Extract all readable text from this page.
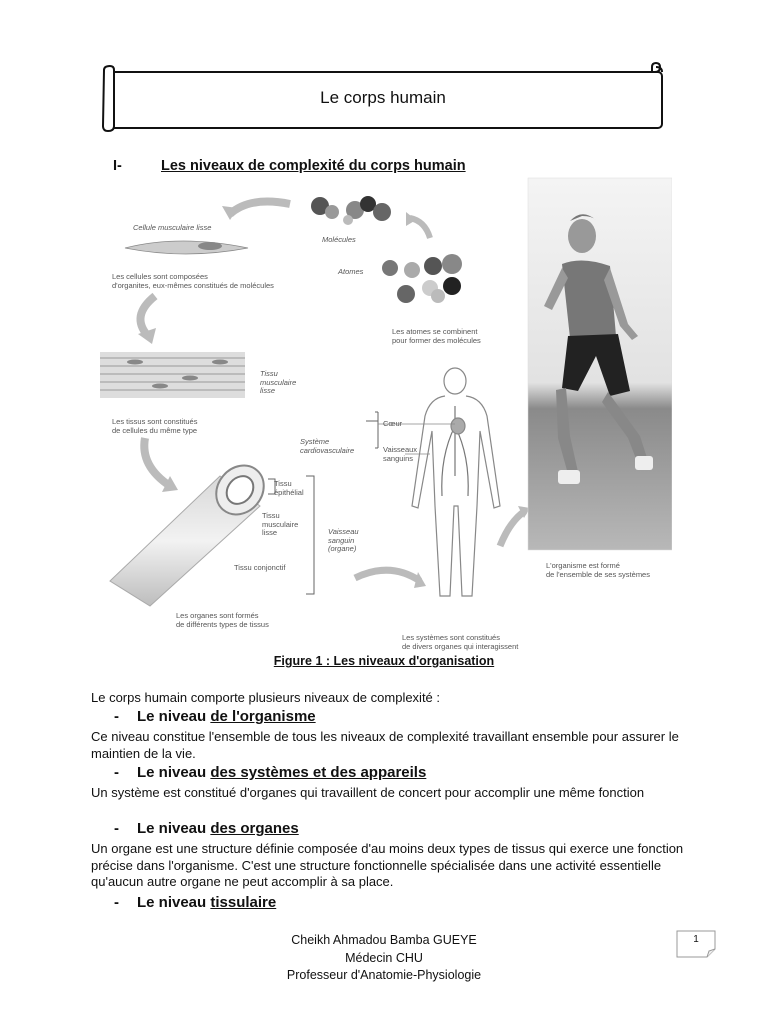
Le corps humain
I-	Les niveaux de complexité du corps humain
Cellule musculaire lisse
Molécules
Atomes
Les cellules sont composées
d'organites, eux-mêmes constitués de molécules
Les atomes se combinent
pour former des molécules
Tissu
musculaire
lisse
Les tissus sont constitués
de cellules du même type
Système
cardiovasculaire
Cœur
Vaisseaux
sanguins
Tissu
épithélial
Tissu
musculaire
lisse	Vaisseau
sanguin
(organe)
Tissu conjonctif
Les organes sont formés
de différents types de tissus
Les systèmes sont constitués
de divers organes qui interagissent
L'organisme est formé
de l'ensemble de ses systèmes
Figure 1 : Les niveaux d'organisation
Le corps humain comporte plusieurs niveaux de complexité :
- Le niveau de l'organisme
Ce niveau constitue l'ensemble de tous les niveaux de complexité travaillant ensemble pour assurer le maintien de la vie.
- Le niveau des systèmes et des appareils
Un système est constitué d'organes qui travaillent de concert pour accomplir une même fonction
- Le niveau des organes
Un organe est une structure définie composée d'au moins deux types de tissus qui exerce une fonction précise dans l'organisme. C'est une structure fonctionnelle spécialisée dans une activité essentielle qu'aucun autre organe ne peut accomplir à sa place.
- Le niveau tissulaire
Cheikh Ahmadou Bamba GUEYE
Médecin CHU
Professeur d'Anatomie-Physiologie
1
